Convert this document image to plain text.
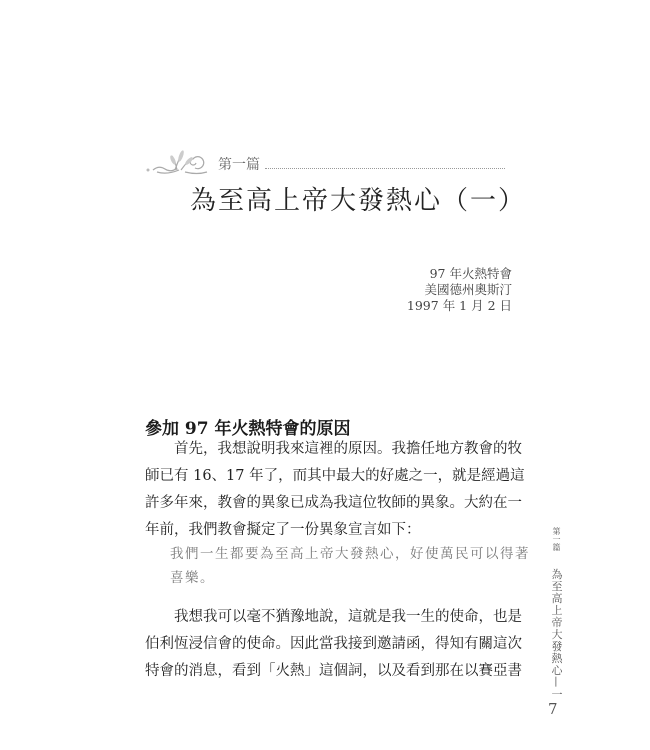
第一篇
為至高上帝大發熱心（一）
97 年火熱特會
美國德州奧斯汀
1997 年 1 月 2 日
參加 97 年火熱特會的原因
首先，我想說明我來這裡的原因。我擔任地方教會的牧
師已有 16、17 年了，而其中最大的好處之一，就是經過這
許多年來，教會的異象已成為我這位牧師的異象。大約在一
年前，我們教會擬定了一份異象宣言如下：
我們一生都要為至高上帝大發熱心，好使萬民可以得著
喜樂。
我想我可以毫不猶豫地說，這就是我一生的使命，也是
伯利恆浸信會的使命。因此當我接到邀請函，得知有關這次
特會的消息，看到「火熱」這個詞，以及看到那在以賽亞書
第一篇 為至高上帝大發熱心—一
7
